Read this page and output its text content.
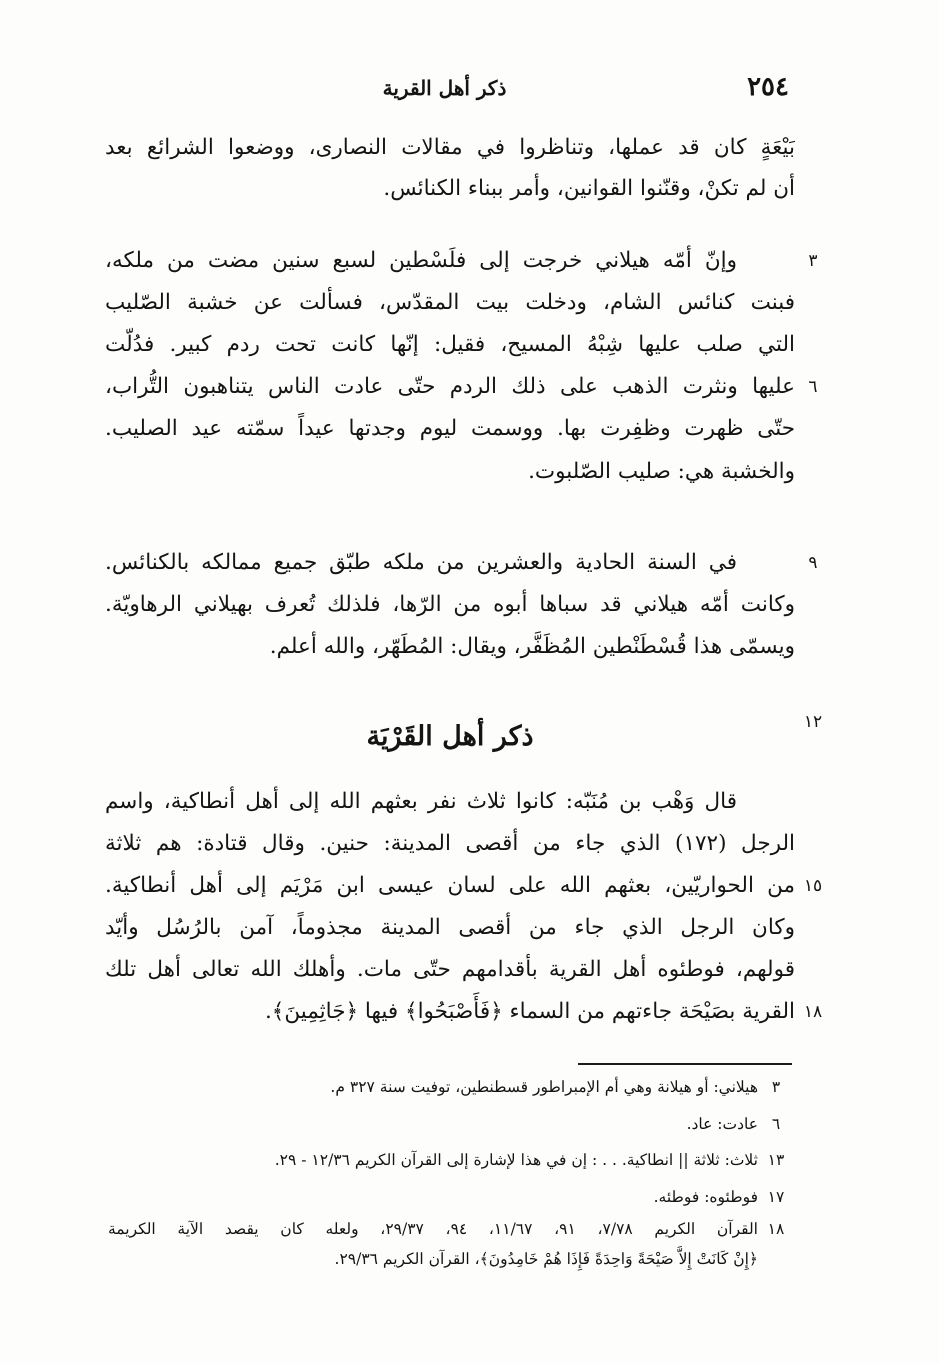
٢٥٤
ذكر أهل القرية
بَيْعَةٍ كان قد عملها، وتناظروا في مقالات النصارى، ووضعوا الشرائع بعد
أن لم تكنْ، وقنّنوا القوانين، وأمر ببناء الكنائس.
وإنّ أمّه هيلاني خرجت إلى فلَسْطين لسبع سنين مضت من ملكه،
فبنت كنائس الشام، ودخلت بيت المقدّس، فسألت عن خشبة الصّليب
التي صلب عليها شِبْهُ المسيح، فقيل: إنّها كانت تحت ردم كبير. فدُلّت
عليها ونثرت الذهب على ذلك الردم حتّى عادت الناس يتناهبون التُّراب،
حتّى ظهرت وظفِرت بها. ووسمت ليوم وجدتها عيداً سمّته عيد الصليب.
والخشبة هي: صليب الصّلبوت.
في السنة الحادية والعشرين من ملكه طبّق جميع ممالكه بالكنائس.
وكانت أمّه هيلاني قد سباها أبوه من الرّها، فلذلك تُعرف بهيلاني الرهاويّة.
ويسمّى هذا قُسْطَنْطين المُظَفَّر، ويقال: المُطَهّر، والله أعلم.
ذكر أهل القَرْيَة
قال وَهْب بن مُنَبّه: كانوا ثلاث نفر بعثهم الله إلى أهل أنطاكية، واسم
الرجل (١٧٢) الذي جاء من أقصى المدينة: حنين. وقال قتادة: هم ثلاثة
من الحواريّين، بعثهم الله على لسان عيسى ابن مَرْيَم إلى أهل أنطاكية.
وكان الرجل الذي جاء من أقصى المدينة مجذوماً، آمن بالرُسُل وأيّد
قولهم، فوطئوه أهل القرية بأقدامهم حتّى مات. وأهلك الله تعالى أهل تلك
القرية بصَيْحَة جاءتهم من السماء ﴿فَأَصْبَحُوا﴾ فيها ﴿جَاثِمِينَ﴾.
٣
٦
٩
١٢
١٥
١٨
٣
هيلاني: أو هيلانة وهي أم الإمبراطور قسطنطين، توفيت سنة ٣٢٧ م.
٦
عادت: عاد.
١٣
ثلاث: ثلاثة || انطاكية. . . : إن في هذا لإشارة إلى القرآن الكريم ١٢/٣٦ - ٢٩.
١٧
فوطئوه: فوطئه.
١٨
القرآن الكريم ٧/٧٨، ٩١، ١١/٦٧، ٩٤، ٢٩/٣٧، ولعله كان يقصد الآية الكريمة
﴿إِنْ كَانَتْ إِلاَّ صَيْحَةً وَاحِدَةً فَإِذَا هُمْ خَامِدُونَ﴾، القرآن الكريم ٢٩/٣٦.
